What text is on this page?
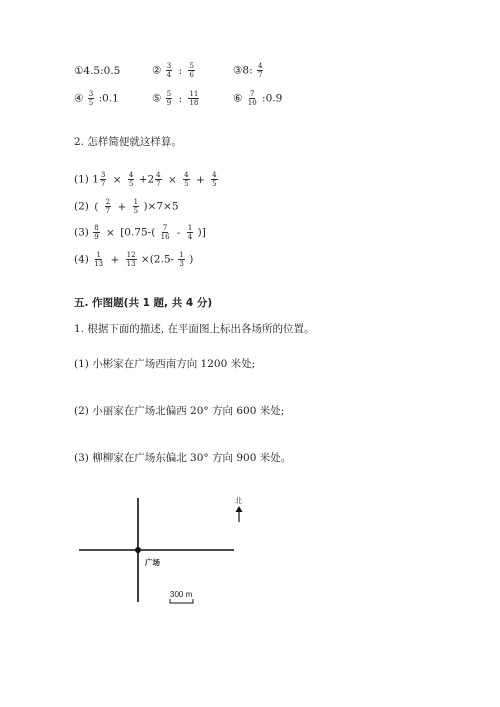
①4.5:0.5	② $\frac{3}{4}$ : $\frac{5}{6}$	③8: $\frac{4}{7}$
④ $\frac{3}{5}$ :0.1	⑤ $\frac{5}{9}$ : $\frac{11}{18}$	⑥ $\frac{7}{10}$ :0.9
2. 怎样简便就这样算。
(1) $1 \frac{3}{7} \times \frac{4}{5} +2 \frac{4}{7} \times \frac{4}{5} + \frac{4}{5}$
(2) ( $\frac{2}{7} + \frac{1}{5} )\times 7\times 5$
$(3) \frac{8}{9} \times [0.75-( \frac{7}{16} - \frac{1}{4}$ )]
$(4) \frac{1}{13} + \frac{12}{13} \times(2.5- \frac{1}{3}$ )
五. 作图题(共 1 题, 共 4 分)
1. 根据下面的描述, 在平面图上标出各场所的位置。
(1) 小彬家在广场西南方向 1200 米处;
(2) 小丽家在广场北偏西 20° 方向 600 米处;
(3) 柳柳家在广场东偏北 30° 方向 900 米处。
北
广场
300 m
